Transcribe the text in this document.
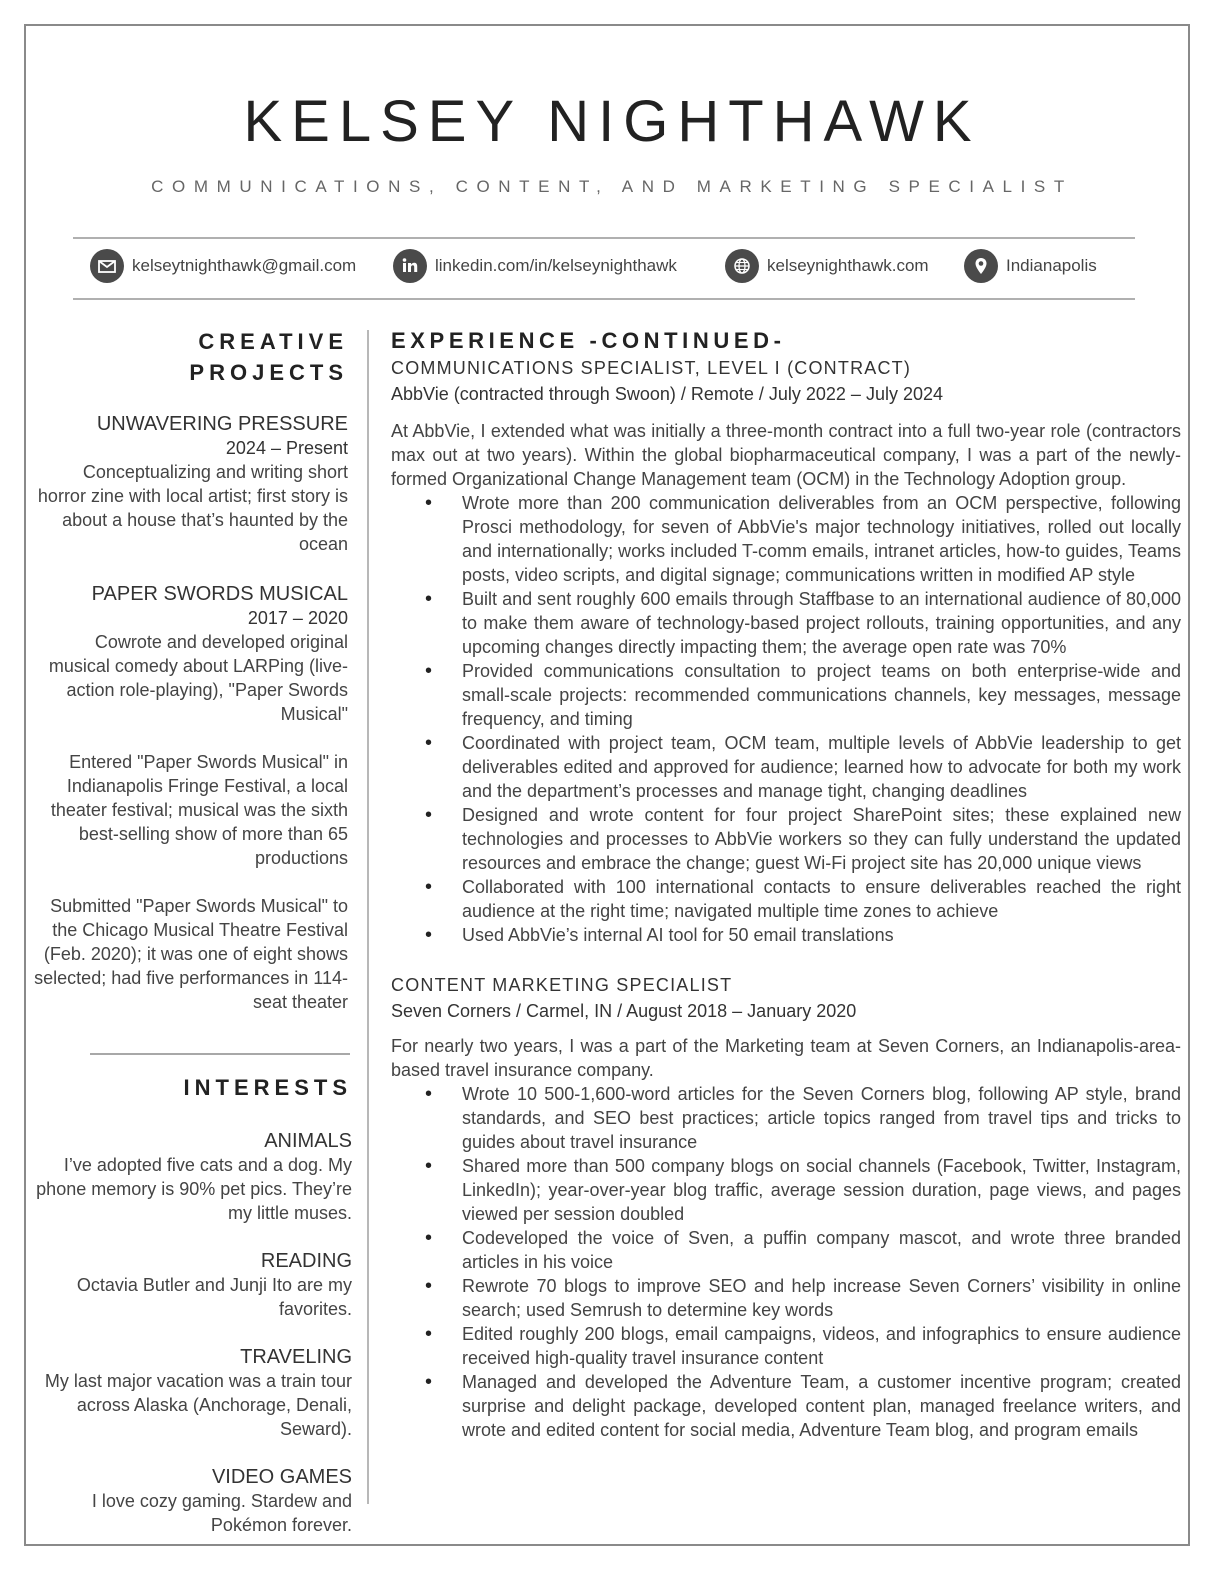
KELSEY NIGHTHAWK
COMMUNICATIONS, CONTENT, AND MARKETING SPECIALIST
kelseytnighthawk@gmail.com	linkedin.com/in/kelseynighthawk	kelseynighthawk.com	Indianapolis
CREATIVE
PROJECTS
UNWAVERING PRESSURE
2024 – Present
Conceptualizing and writing short horror zine with local artist; first story is about a house that’s haunted by the ocean
PAPER SWORDS MUSICAL
2017 – 2020
Cowrote and developed original musical comedy about LARPing (live-action role-playing), "Paper Swords Musical"
Entered "Paper Swords Musical" in Indianapolis Fringe Festival, a local theater festival; musical was the sixth best-selling show of more than 65 productions
Submitted "Paper Swords Musical" to the Chicago Musical Theatre Festival (Feb. 2020); it was one of eight shows selected; had five performances in 114-seat theater
INTERESTS
ANIMALS
I’ve adopted five cats and a dog. My phone memory is 90% pet pics. They’re my little muses.
READING
Octavia Butler and Junji Ito are my favorites.
TRAVELING
My last major vacation was a train tour across Alaska (Anchorage, Denali, Seward).
VIDEO GAMES
I love cozy gaming. Stardew and Pokémon forever.
EXPERIENCE -CONTINUED-
COMMUNICATIONS SPECIALIST, LEVEL I (CONTRACT)
AbbVie (contracted through Swoon) / Remote / July 2022 – July 2024
At AbbVie, I extended what was initially a three-month contract into a full two-year role (contractors max out at two years). Within the global biopharmaceutical company, I was a part of the newly-formed Organizational Change Management team (OCM) in the Technology Adoption group.
• Wrote more than 200 communication deliverables from an OCM perspective, following Prosci methodology, for seven of AbbVie's major technology initiatives, rolled out locally and internationally; works included T-comm emails, intranet articles, how-to guides, Teams posts, video scripts, and digital signage; communications written in modified AP style
• Built and sent roughly 600 emails through Staffbase to an international audience of 80,000 to make them aware of technology-based project rollouts, training opportunities, and any upcoming changes directly impacting them; the average open rate was 70%
• Provided communications consultation to project teams on both enterprise-wide and small-scale projects: recommended communications channels, key messages, message frequency, and timing
• Coordinated with project team, OCM team, multiple levels of AbbVie leadership to get deliverables edited and approved for audience; learned how to advocate for both my work and the department’s processes and manage tight, changing deadlines
• Designed and wrote content for four project SharePoint sites; these explained new technologies and processes to AbbVie workers so they can fully understand the updated resources and embrace the change; guest Wi-Fi project site has 20,000 unique views
• Collaborated with 100 international contacts to ensure deliverables reached the right audience at the right time; navigated multiple time zones to achieve
• Used AbbVie’s internal AI tool for 50 email translations
CONTENT MARKETING SPECIALIST
Seven Corners / Carmel, IN / August 2018 – January 2020
For nearly two years, I was a part of the Marketing team at Seven Corners, an Indianapolis-area-based travel insurance company.
• Wrote 10 500-1,600-word articles for the Seven Corners blog, following AP style, brand standards, and SEO best practices; article topics ranged from travel tips and tricks to guides about travel insurance
• Shared more than 500 company blogs on social channels (Facebook, Twitter, Instagram, LinkedIn); year-over-year blog traffic, average session duration, page views, and pages viewed per session doubled
• Codeveloped the voice of Sven, a puffin company mascot, and wrote three branded articles in his voice
• Rewrote 70 blogs to improve SEO and help increase Seven Corners’ visibility in online search; used Semrush to determine key words
• Edited roughly 200 blogs, email campaigns, videos, and infographics to ensure audience received high-quality travel insurance content
• Managed and developed the Adventure Team, a customer incentive program; created surprise and delight package, developed content plan, managed freelance writers, and wrote and edited content for social media, Adventure Team blog, and program emails
